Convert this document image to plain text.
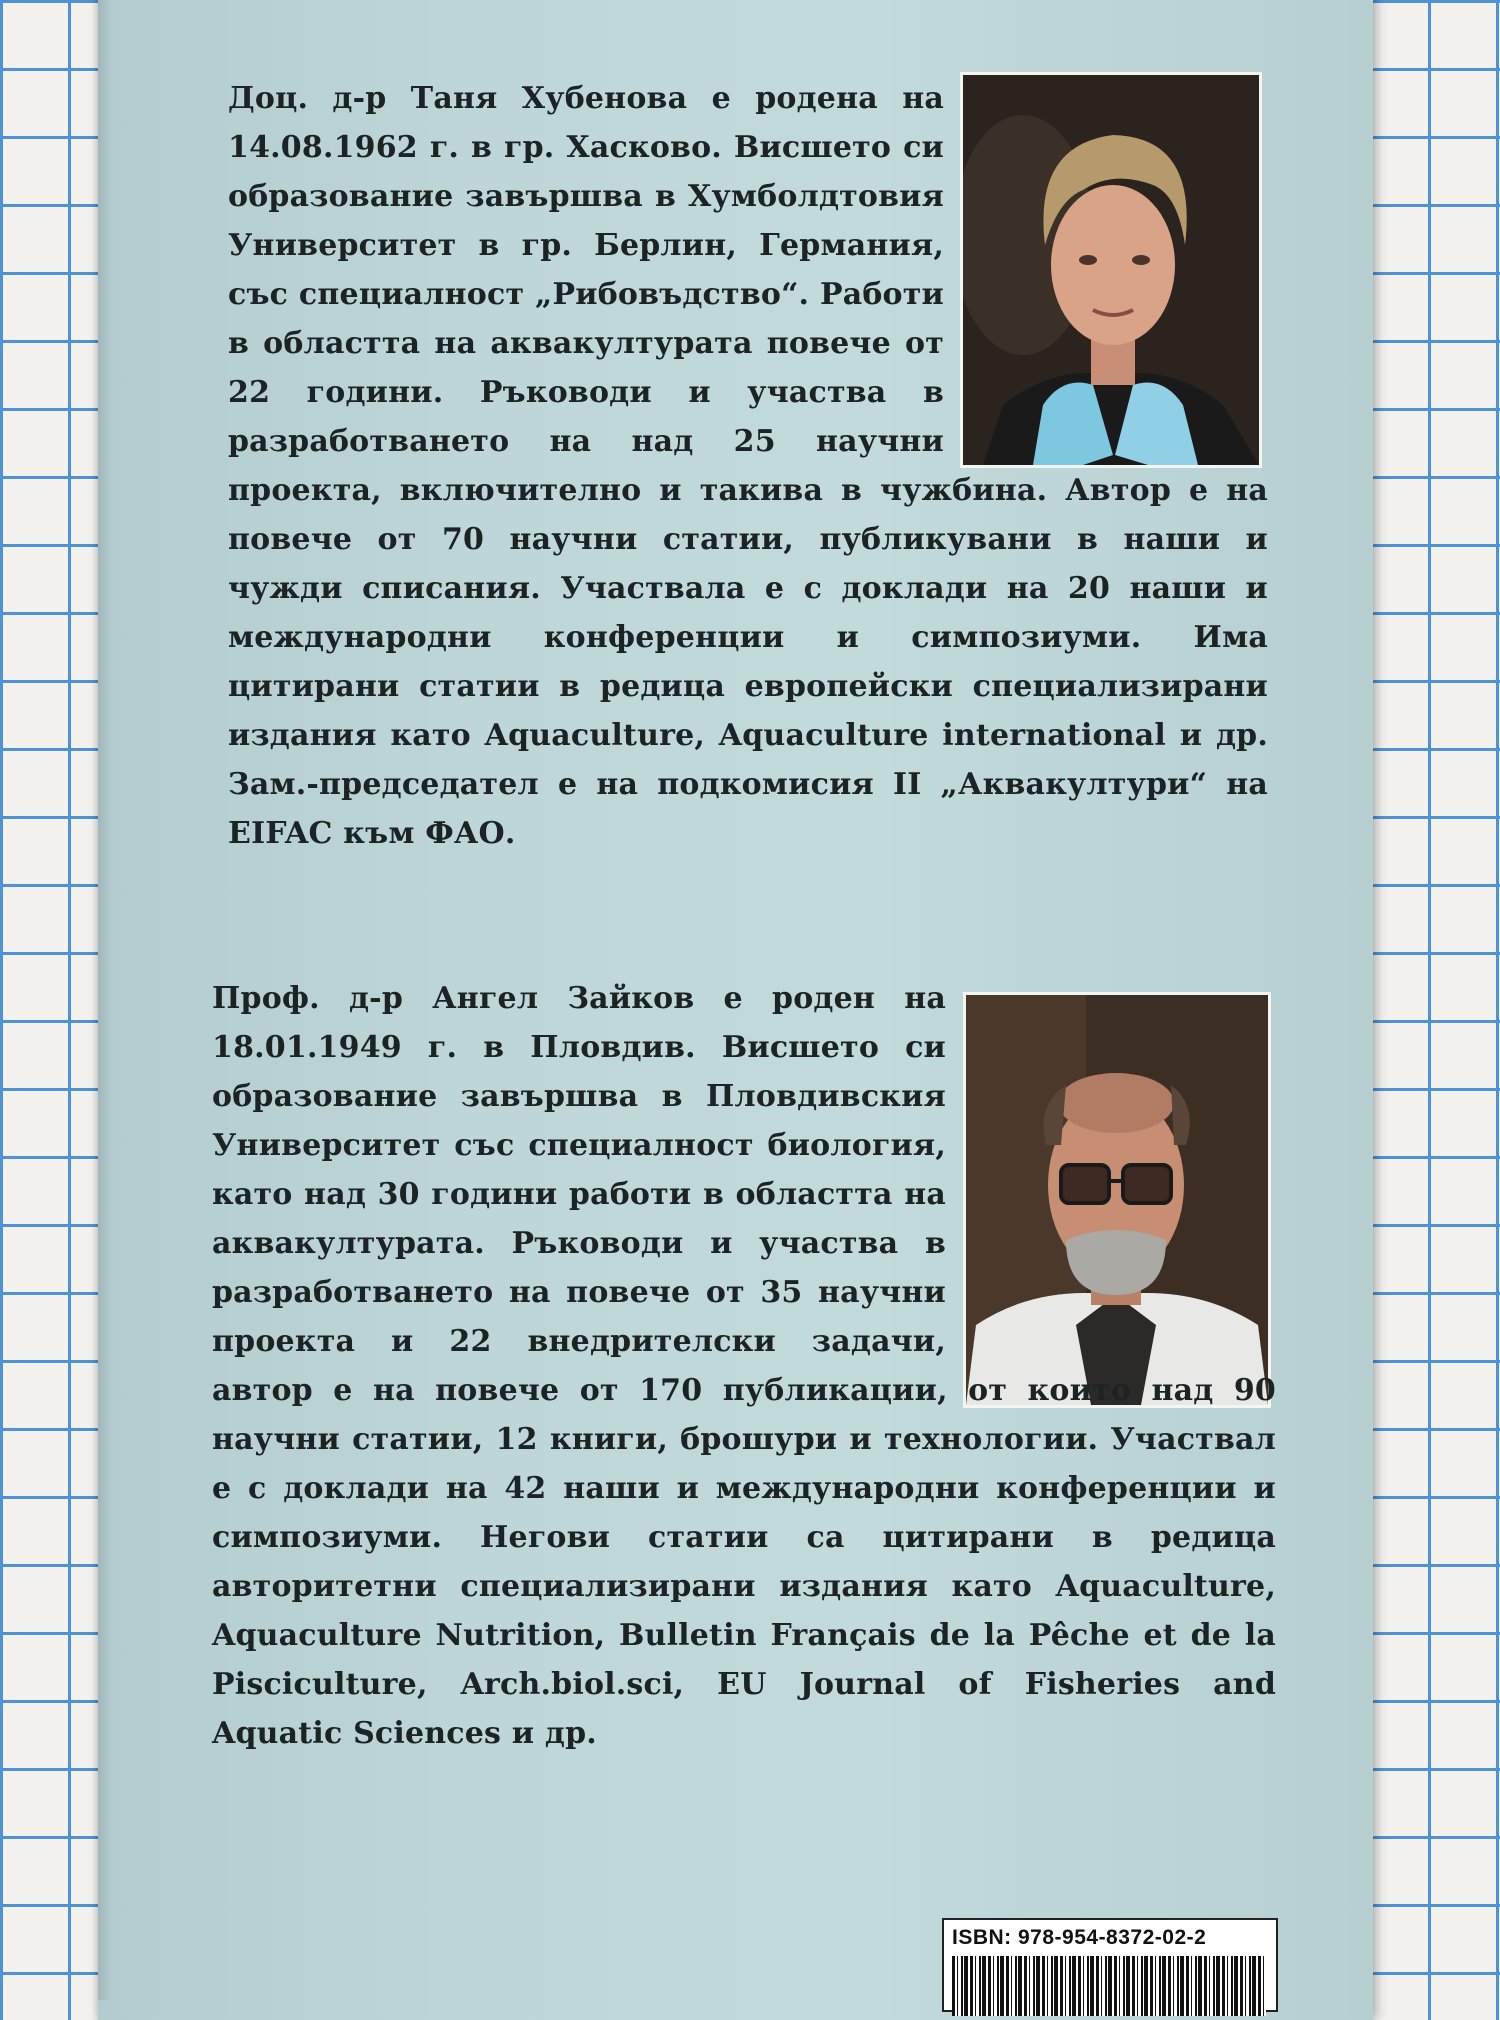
Доц. д-р Таня Хубенова е родена на 14.08.1962 г. в гр. Хасково. Висшето си образование завършва в Хумболдтовия Университет в гр. Берлин, Германия, със специалност „Рибовъдство“. Работи в областта на аквакултурата повече от 22 години. Ръководи и участва в разработването на над 25 научни проекта, включително и такива в чужбина. Автор е на повече от 70 научни статии, публикувани в наши и чужди списания. Участвала е с доклади на 20 наши и международни конференции и симпозиуми. Има цитирани статии в редица европейски специализирани издания като Aquaculture, Aquaculture international и др. Зам.-председател е на подкомисия II „Аквакултури“ на EIFAC към ФАО.

Проф. д-р Ангел Зайков е роден на 18.01.1949 г. в Пловдив. Висшето си образование завършва в Пловдивския Университет със специалност биология, като над 30 години работи в областта на аквакултурата. Ръководи и участва в разработването на повече от 35 научни проекта и 22 внедрителски задачи, автор е на повече от 170 публикации, от които над 90 научни статии, 12 книги, брошури и технологии. Участвал е с доклади на 42 наши и международни конференции и симпозиуми. Негови статии са цитирани в редица авторитетни специализирани издания като Aquaculture, Aquaculture Nutrition, Bulletin Français de la Pêche et de la Pisciculture, Arch.biol.sci, EU Journal of Fisheries and Aquatic Sciences и др.

ISBN: 978-954-8372-02-2
